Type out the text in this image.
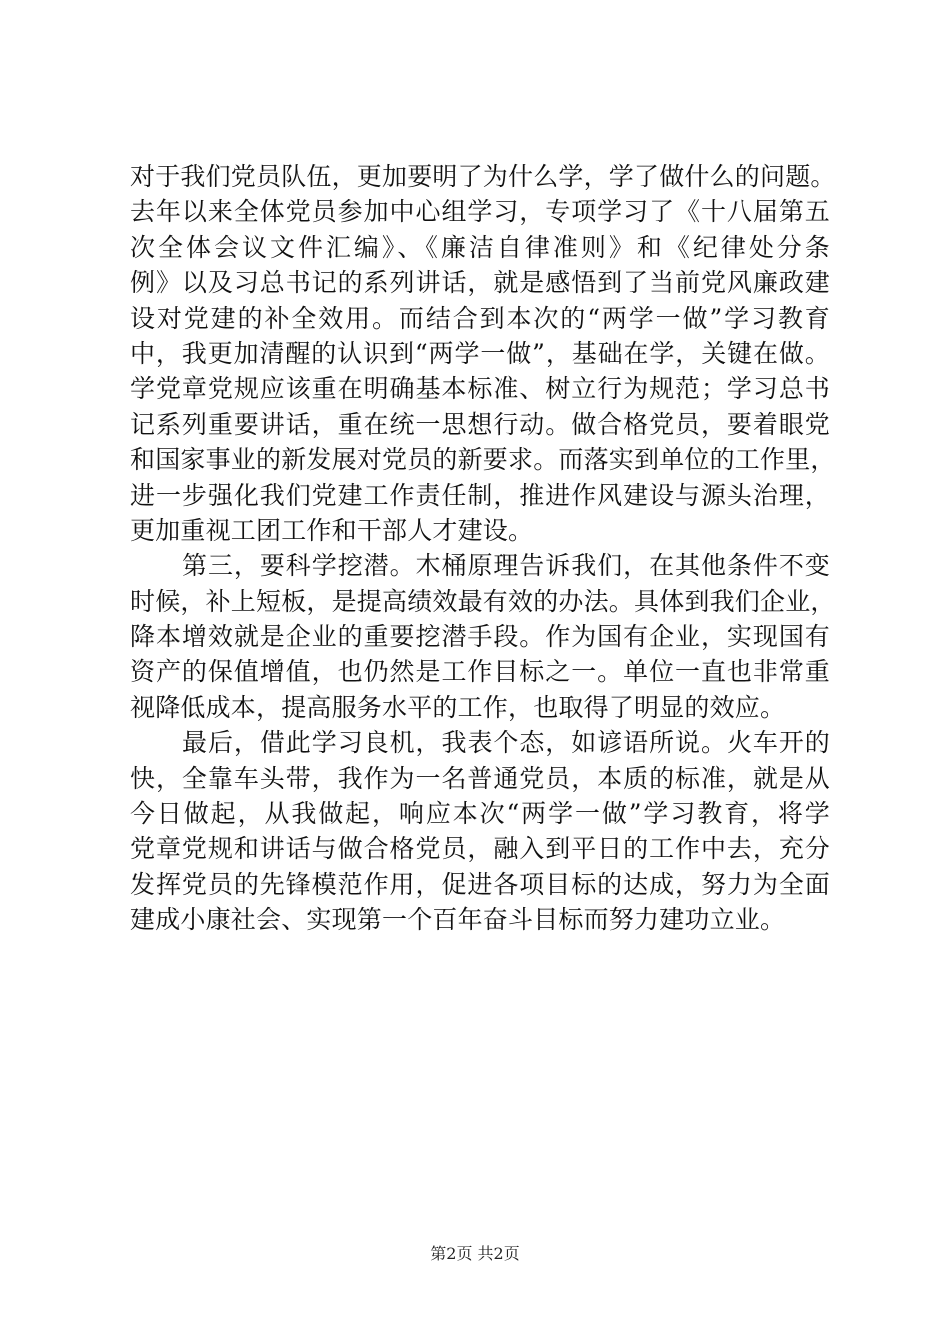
对于我们党员队伍，更加要明了为什么学，学了做什么的问题。
去年以来全体党员参加中心组学习，专项学习了《十八届第五
次全体会议文件汇编》、《廉洁自律准则》和《纪律处分条
例》以及习总书记的系列讲话，就是感悟到了当前党风廉政建
设对党建的补全效用。而结合到本次的“两学一做”学习教育
中，我更加清醒的认识到“两学一做”，基础在学，关键在做。
学党章党规应该重在明确基本标准、树立行为规范；学习总书
记系列重要讲话，重在统一思想行动。做合格党员，要着眼党
和国家事业的新发展对党员的新要求。而落实到单位的工作里，
进一步强化我们党建工作责任制，推进作风建设与源头治理，
更加重视工团工作和干部人才建设。
第三，要科学挖潜。木桶原理告诉我们，在其他条件不变
时候，补上短板，是提高绩效最有效的办法。具体到我们企业，
降本增效就是企业的重要挖潜手段。作为国有企业，实现国有
资产的保值增值，也仍然是工作目标之一。单位一直也非常重
视降低成本，提高服务水平的工作，也取得了明显的效应。
最后，借此学习良机，我表个态，如谚语所说。火车开的
快，全靠车头带，我作为一名普通党员，本质的标准，就是从
今日做起，从我做起，响应本次“两学一做”学习教育，将学
党章党规和讲话与做合格党员，融入到平日的工作中去，充分
发挥党员的先锋模范作用，促进各项目标的达成，努力为全面
建成小康社会、实现第一个百年奋斗目标而努力建功立业。
第2页 共2页
